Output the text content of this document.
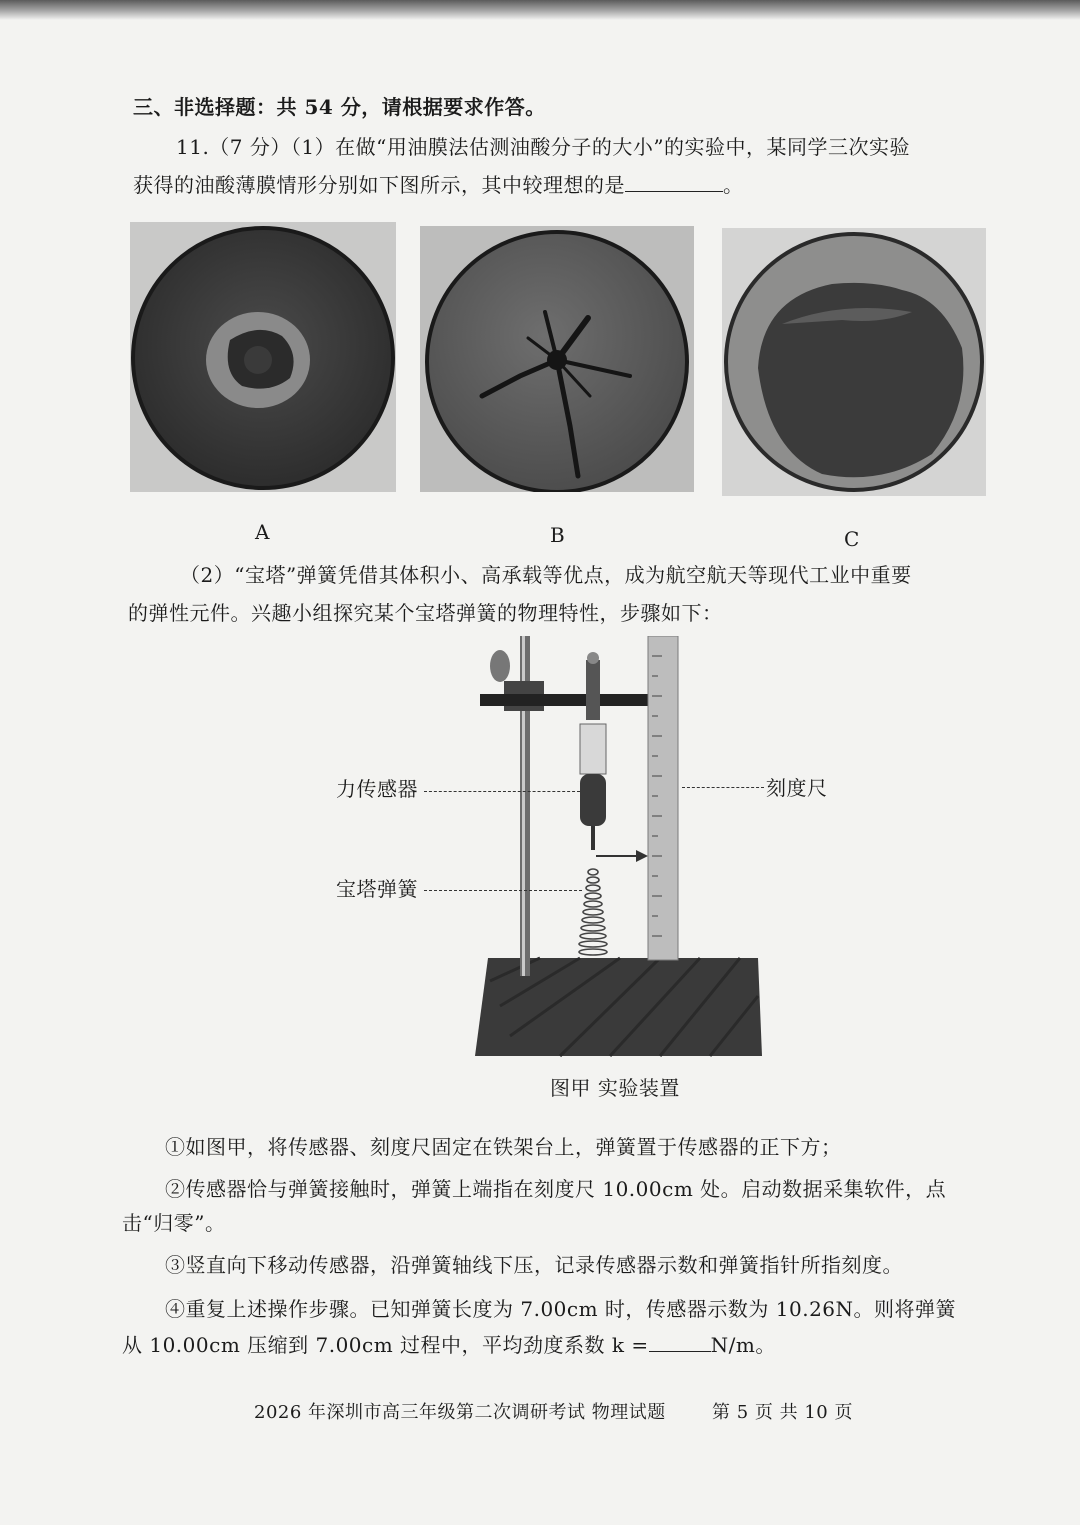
三、非选择题：共 54 分，请根据要求作答。
11.（7 分）（1）在做“用油膜法估测油酸分子的大小”的实验中，某同学三次实验
获得的油酸薄膜情形分别如下图所示，其中较理想的是	。
A	B	C
（2）“宝塔”弹簧凭借其体积小、高承载等优点，成为航空航天等现代工业中重要
的弹性元件。兴趣小组探究某个宝塔弹簧的物理特性，步骤如下：
力传感器
宝塔弹簧
刻度尺
图甲 实验装置
①如图甲，将传感器、刻度尺固定在铁架台上，弹簧置于传感器的正下方；
②传感器恰与弹簧接触时，弹簧上端指在刻度尺 10.00cm 处。启动数据采集软件，点
击“归零”。
③竖直向下移动传感器，沿弹簧轴线下压，记录传感器示数和弹簧指针所指刻度。
④重复上述操作步骤。已知弹簧长度为 7.00cm 时，传感器示数为 10.26N。则将弹簧
从 10.00cm 压缩到 7.00cm 过程中，平均劲度系数 k =	N/m。
2026 年深圳市高三年级第二次调研考试 物理试题	第 5 页 共 10 页
